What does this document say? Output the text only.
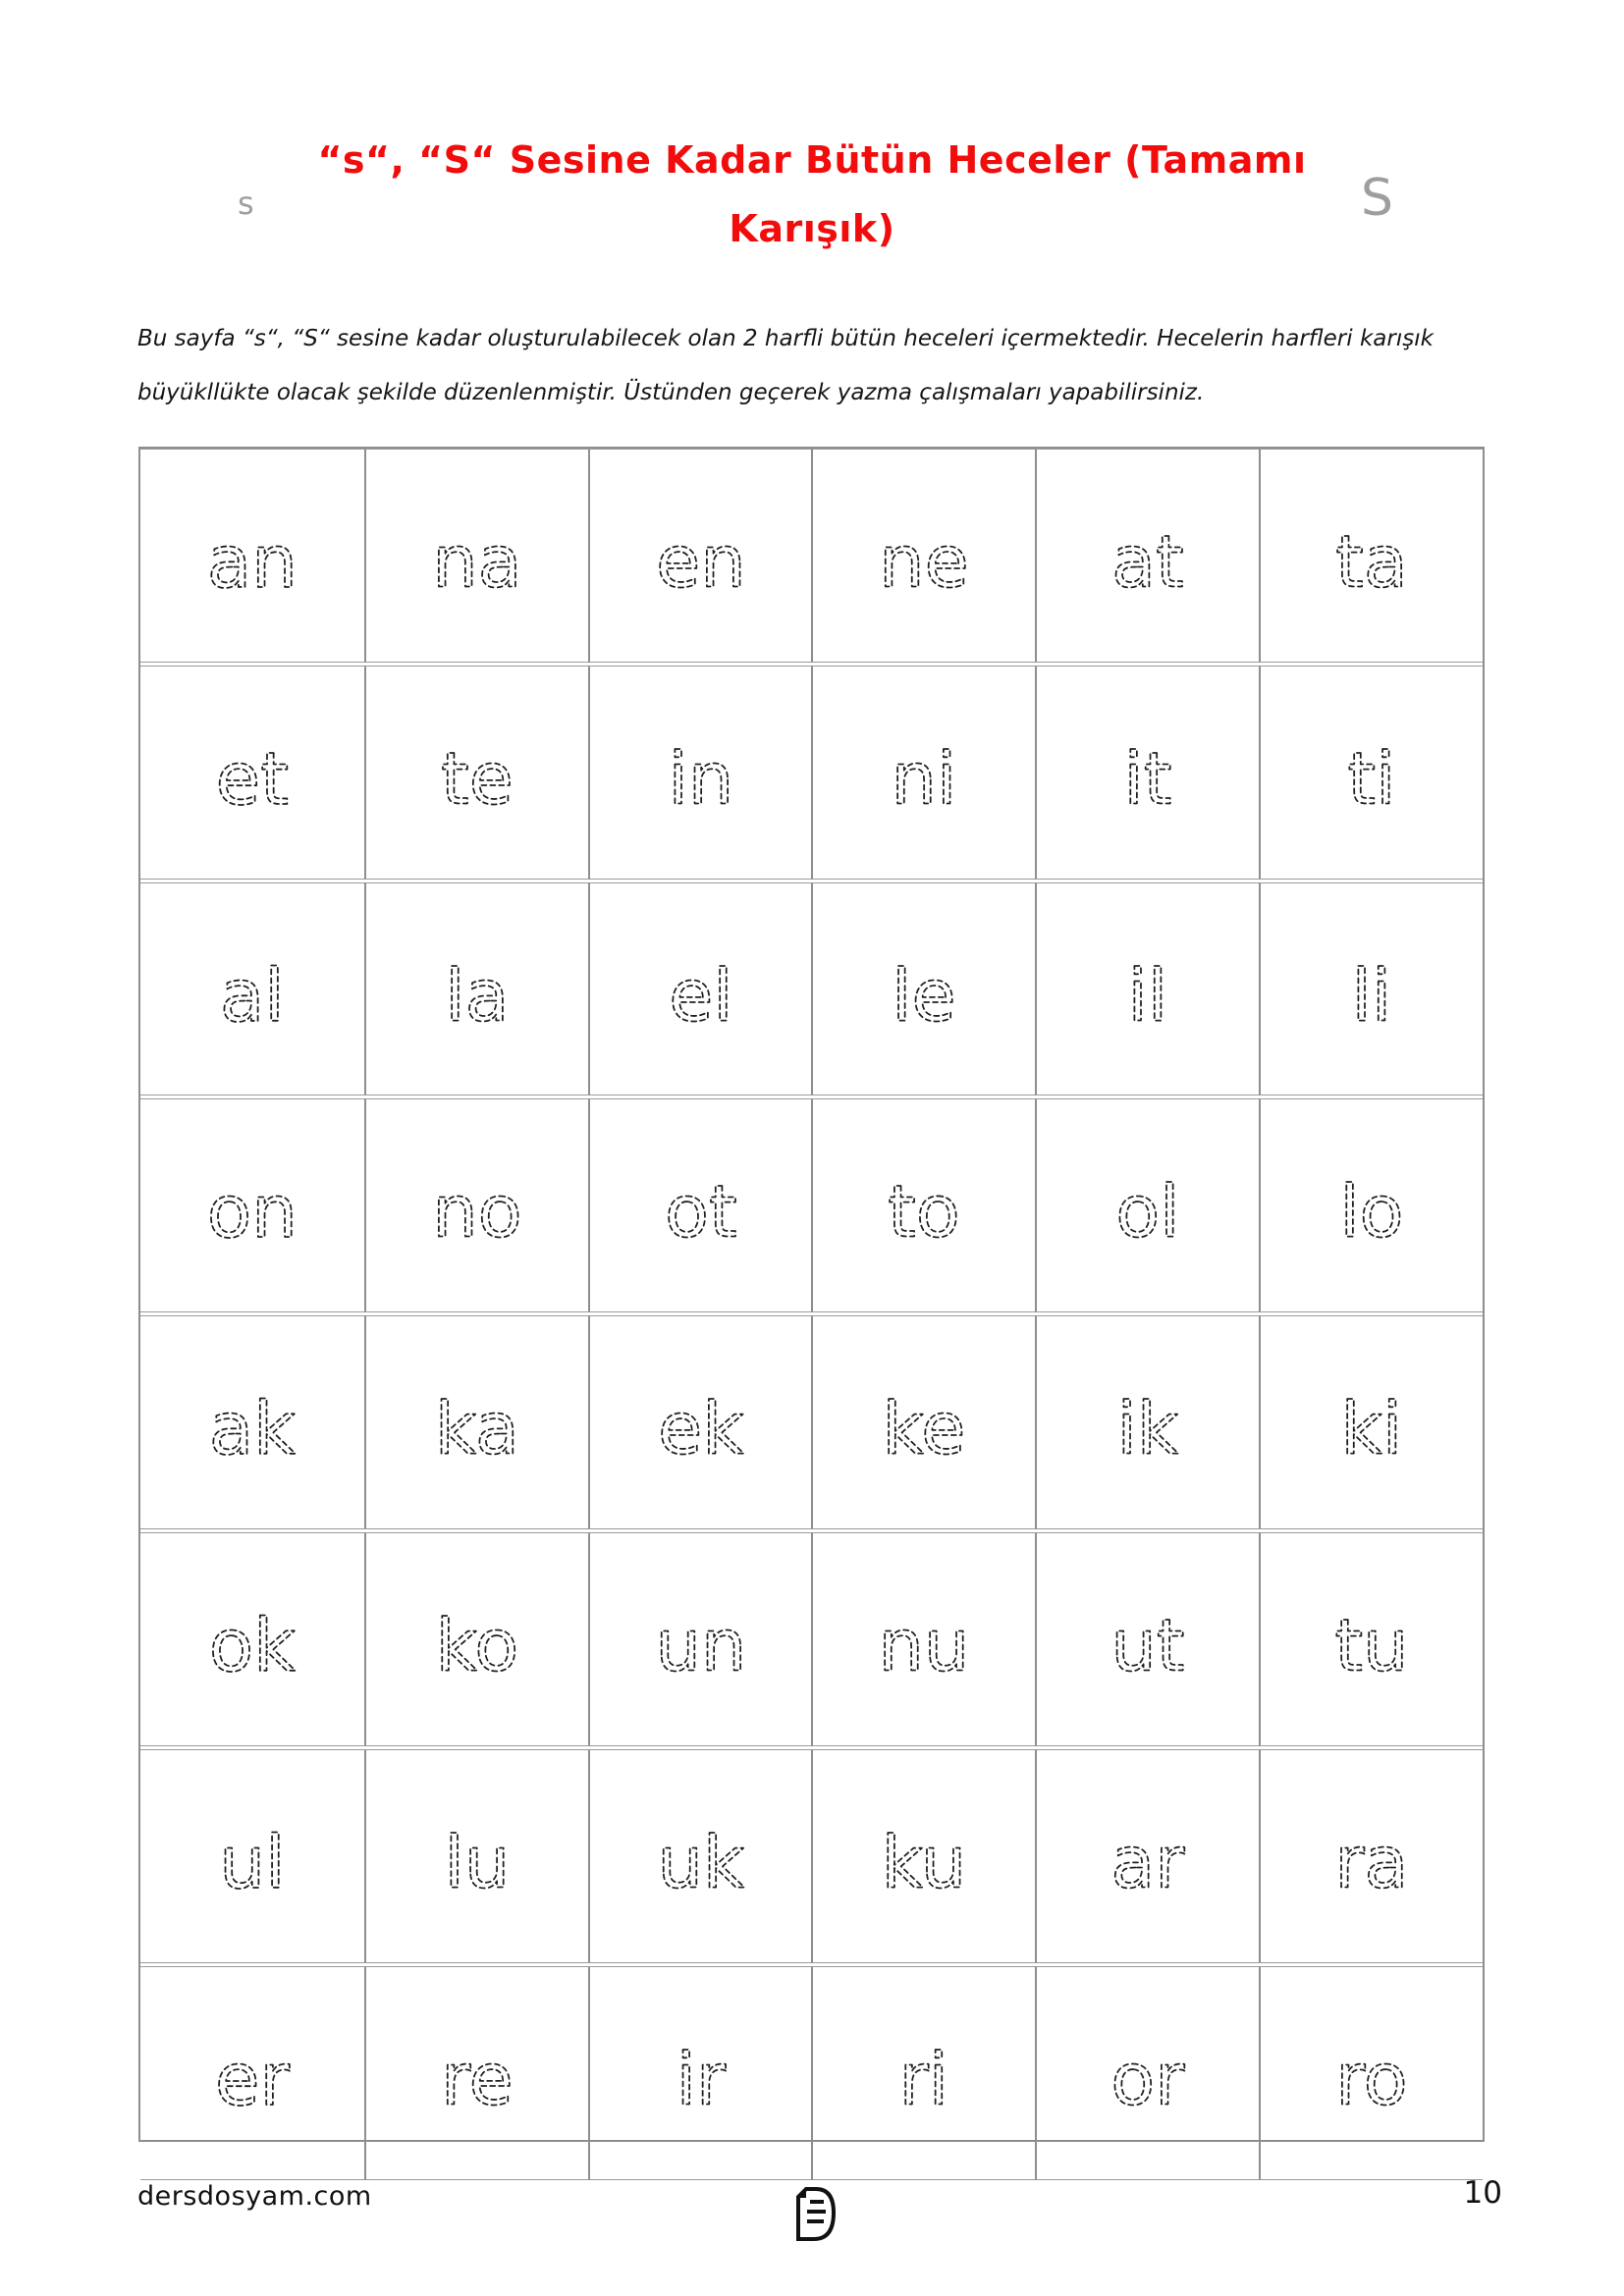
s	S
“s“, “S“ Sesine Kadar Bütün Heceler (Tamamı
Karışık)
Bu sayfa “s“, “S“ sesine kadar oluşturulabilecek olan 2 harfli bütün heceleri içermektedir. Hecelerin harfleri karışık büyükllükte olacak şekilde düzenlenmiştir. Üstünden geçerek yazma çalışmaları yapabilirsiniz.
an na en ne at ta
et te in ni it ti
al la el le il	li
on no ot to ol lo
ak ka ek ke ik ki
ok ko un nu ut tu
ul lu uk ku ar ra
er re ir ri or ro
dersdosyam.com	10
